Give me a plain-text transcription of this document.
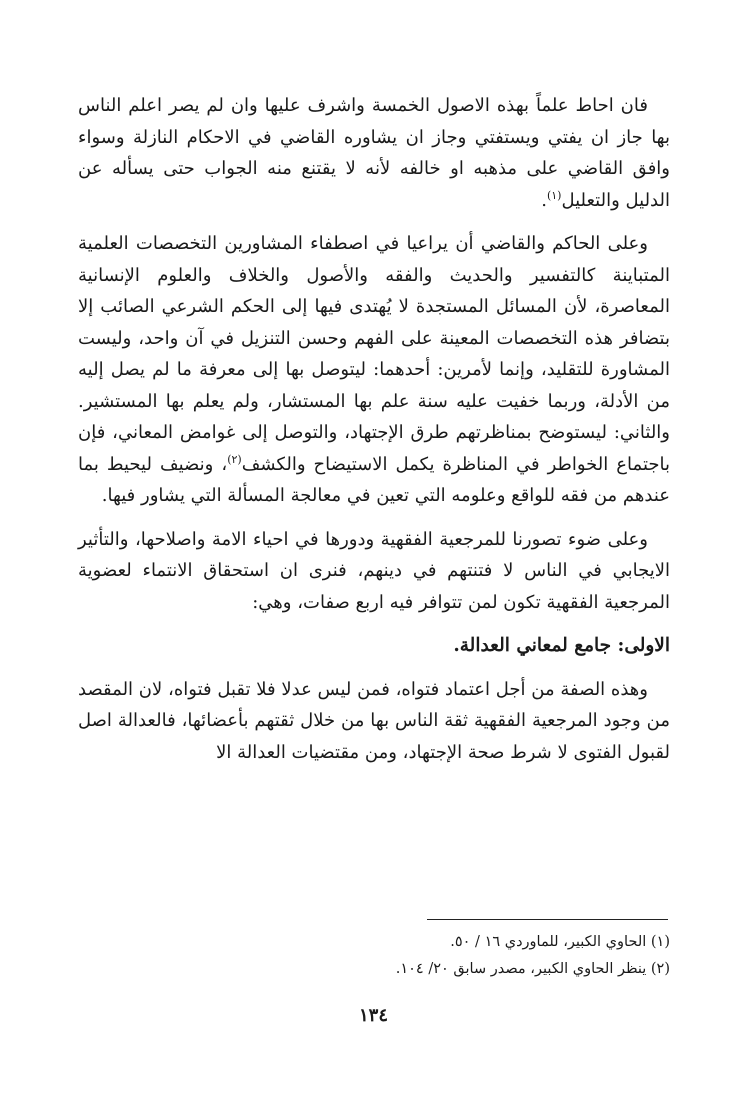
فان احاط علماً بهذه الاصول الخمسة واشرف عليها وان لم يصر اعلم الناس بها جاز ان يفتي ويستفتي وجاز ان يشاوره القاضي في الاحكام النازلة وسواء وافق القاضي على مذهبه او خالفه لأنه لا يقتنع منه الجواب حتى يسأله عن الدليل والتعليل$^{(١)}$.

وعلى الحاكم والقاضي أن يراعيا في اصطفاء المشاورين التخصصات العلمية المتباينة كالتفسير والحديث والفقه والأصول والخلاف والعلوم الإنسانية المعاصرة، لأن المسائل المستجدة لا يُهتدى فيها إلى الحكم الشرعي الصائب إلا بتضافر هذه التخصصات المعينة على الفهم وحسن التنزيل في آن واحد، وليست المشاورة للتقليد، وإنما لأمرين: أحدهما: ليتوصل بها إلى معرفة ما لم يصل إليه من الأدلة، وربما خفيت عليه سنة علم بها المستشار، ولم يعلم بها المستشير. والثاني: ليستوضح بمناظرتهم طرق الإجتهاد، والتوصل إلى غوامض المعاني، فإن باجتماع الخواطر في المناظرة يكمل الاستيضاح والكشف$^{(٢)}$، ونضيف ليحيط بما عندهم من فقه للواقع وعلومه التي تعين في معالجة المسألة التي يشاور فيها.

وعلى ضوء تصورنا للمرجعية الفقهية ودورها في احياء الامة واصلاحها، والتأثير الايجابي في الناس لا فتنتهم في دينهم، فنرى ان استحقاق الانتماء لعضوية المرجعية الفقهية تكون لمن تتوافر فيه اربع صفات، وهي:

الاولى: جامع لمعاني العدالة.

وهذه الصفة من أجل اعتماد فتواه، فمن ليس عدلا فلا تقبل فتواه، لان المقصد من وجود المرجعية الفقهية ثقة الناس بها من خلال ثقتهم بأعضائها، فالعدالة اصل لقبول الفتوى لا شرط صحة الإجتهاد، ومن مقتضيات العدالة الا

(١) الحاوي الكبير، للماوردي ١٦ / ٥٠.

(٢) ينظر الحاوي الكبير، مصدر سابق ٢٠/ ١٠٤.

١٣٤
